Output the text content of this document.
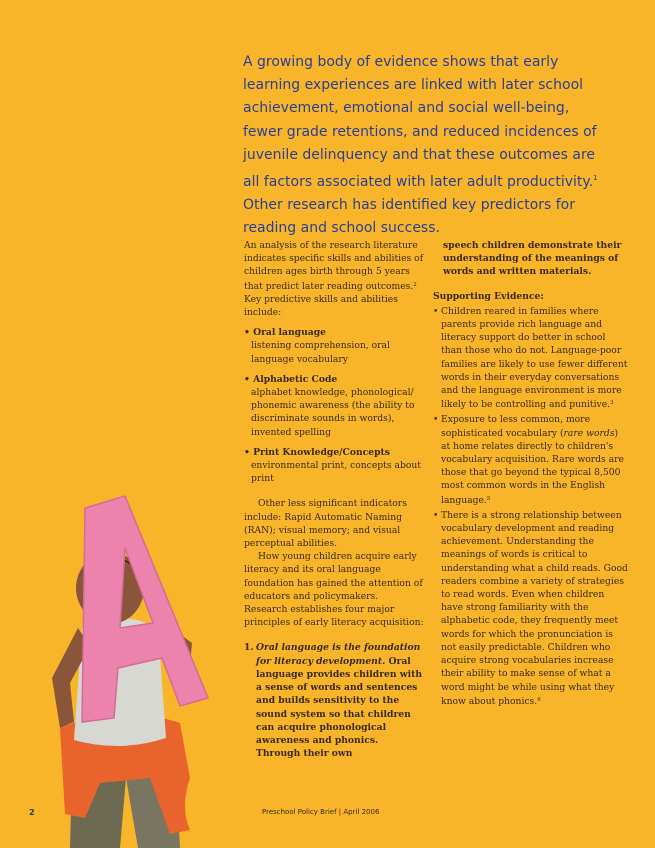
A growing body of evidence shows that early learning experiences are linked with later school achievement, emotional and social well-being, fewer grade retentions, and reduced incidences of juvenile delinquency and that these outcomes are all factors associated with later adult productivity.$^1$ Other research has identified key predictors for reading and school success.

An analysis of the research literature indicates specific skills and abilities of children ages birth through 5 years that predict later reading outcomes.$^2$ Key predictive skills and abilities include:

• Oral language
listening comprehension, oral language vocabulary
• Alphabetic Code
alphabet knowledge, phonological/ phonemic awareness (the ability to discriminate sounds in words), invented spelling
• Print Knowledge/Concepts
environmental print, concepts about print

Other less significant indicators include: Rapid Automatic Naming (RAN); visual memory; and visual perceptual abilities.

How young children acquire early literacy and its oral language foundation has gained the attention of educators and policymakers. Research establishes four major principles of early literacy acquisition:

1. Oral language is the foundation for literacy development. Oral language provides children with a sense of words and sentences and builds sensitivity to the sound system so that children can acquire phonological awareness and phonics. Through their own

speech children demonstrate their understanding of the meanings of words and written materials.

Supporting Evidence:
• Children reared in families where parents provide rich language and literacy support do better in school than those who do not. Language-poor families are likely to use fewer different words in their everyday conversations and the language environment is more likely to be controlling and punitive.$^3$
• Exposure to less common, more sophisticated vocabulary (rare words) at home relates directly to children's vocabulary acquisition. Rare words are those that go beyond the typical 8,500 most common words in the English language.$^5$
• There is a strong relationship between vocabulary development and reading achievement. Understanding the meanings of words is critical to understanding what a child reads. Good readers combine a variety of strategies to read words. Even when children have strong familiarity with the alphabetic code, they frequently meet words for which the pronunciation is not easily predictable. Children who acquire strong vocabularies increase their ability to make sense of what a word might be while using what they know about phonics.$^6$
2	Preschool Policy Brief | April 2006
